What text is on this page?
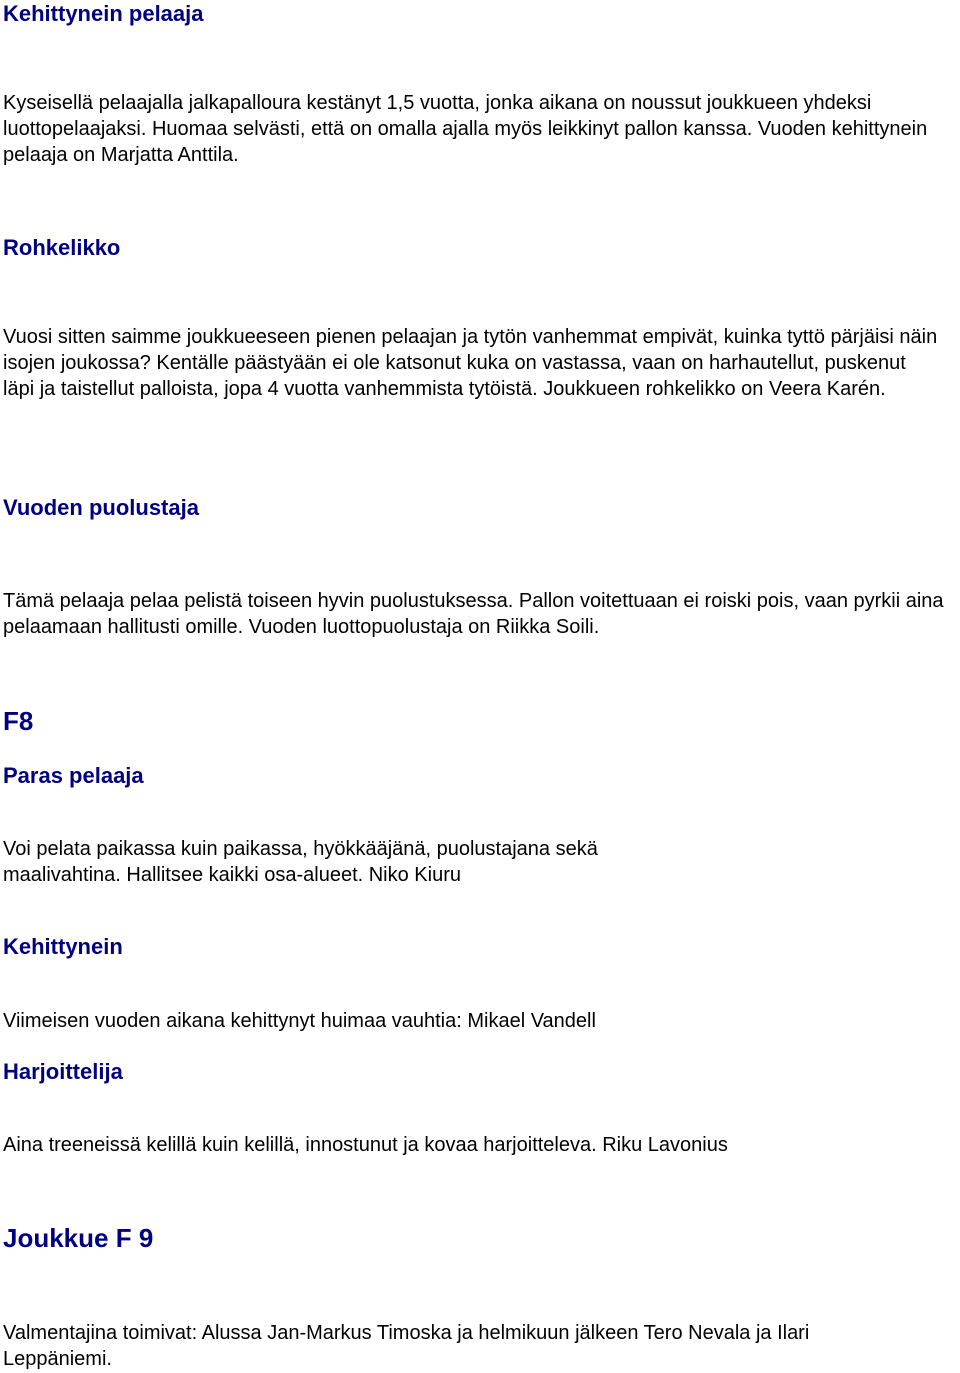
Kehittynein pelaaja

Kyseisellä pelaajalla jalkapalloura kestänyt 1,5 vuotta, jonka aikana on noussut joukkueen yhdeksi luottopelaajaksi. Huomaa selvästi, että on omalla ajalla myös leikkinyt pallon kanssa. Vuoden kehittynein pelaaja on Marjatta Anttila.

Rohkelikko

Vuosi sitten saimme joukkueeseen pienen pelaajan ja tytön vanhemmat empivät, kuinka tyttö pärjäisi näin isojen joukossa? Kentälle päästyään ei ole katsonut kuka on vastassa, vaan on harhautellut, puskenut läpi ja taistellut palloista, jopa 4 vuotta vanhemmista tytöistä. Joukkueen rohkelikko on Veera Karén.

Vuoden puolustaja

Tämä pelaaja pelaa pelistä toiseen hyvin puolustuksessa. Pallon voitettuaan ei roiski pois, vaan pyrkii aina pelaamaan hallitusti omille. Vuoden luottopuolustaja on Riikka Soili.

F8
Paras pelaaja

Voi pelata paikassa kuin paikassa, hyökkääjänä, puolustajana sekä maalivahtina. Hallitsee kaikki osa-alueet. Niko Kiuru

Kehittynein

Viimeisen vuoden aikana kehittynyt huimaa vauhtia: Mikael Vandell

Harjoittelija

Aina treeneissä kelillä kuin kelillä, innostunut ja kovaa harjoitteleva. Riku Lavonius

Joukkue F 9

Valmentajina toimivat: Alussa Jan-Markus Timoska ja helmikuun jälkeen Tero Nevala ja Ilari Leppäniemi.
